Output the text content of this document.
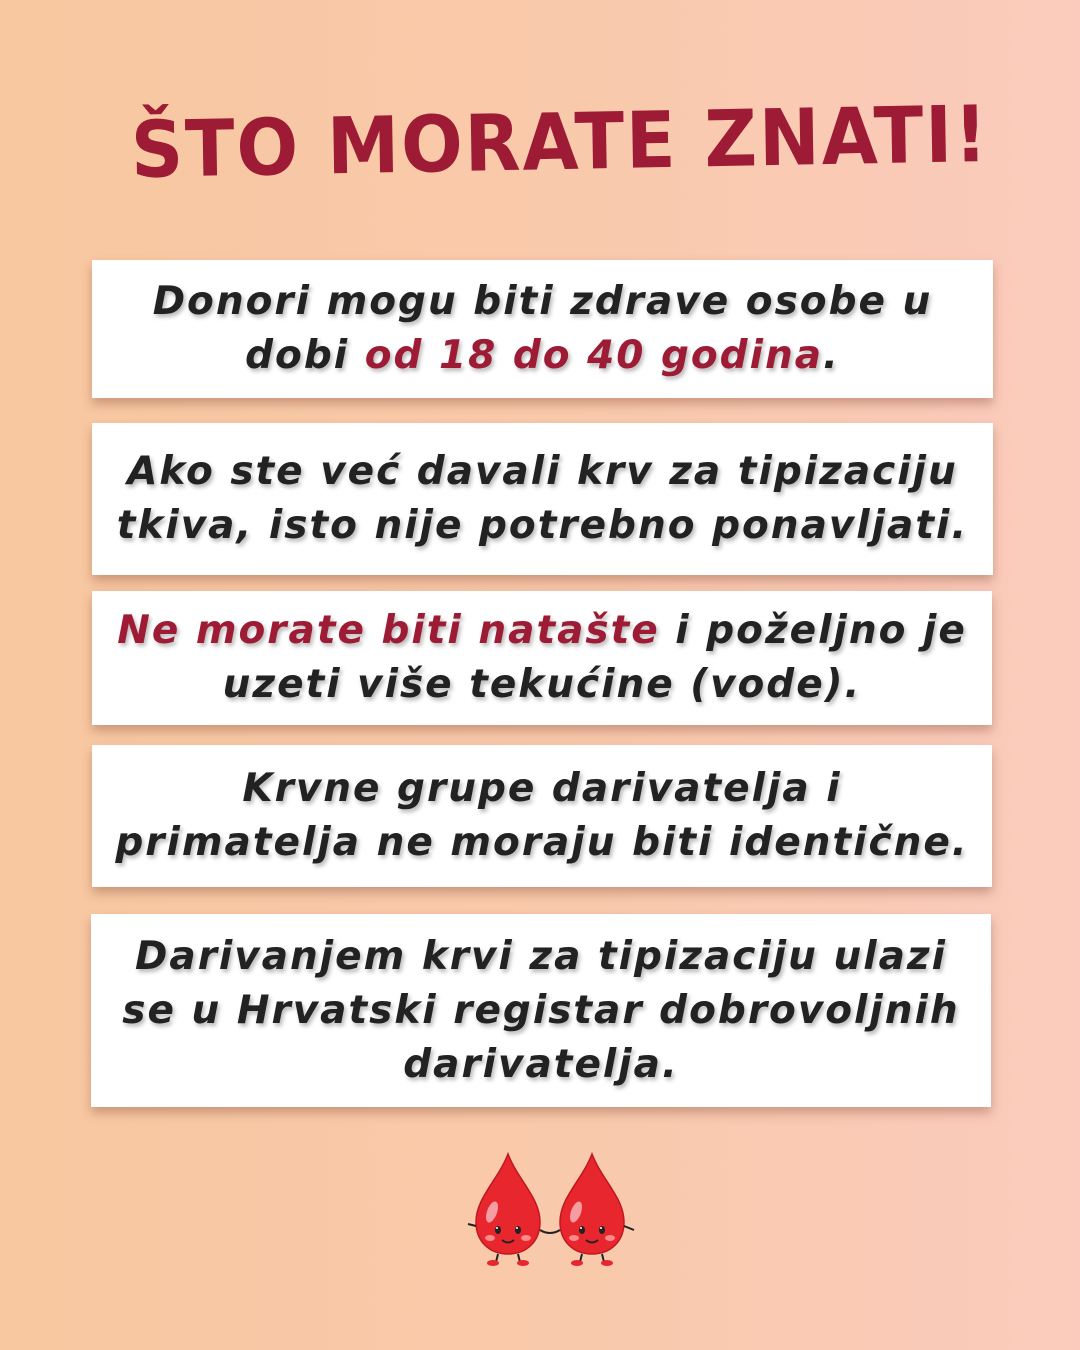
ŠTO MORATE ZNATI!

Donori mogu biti zdrave osobe u dobi od 18 do 40 godina.

Ako ste već davali krv za tipizaciju tkiva, isto nije potrebno ponavljati.

Ne morate biti natašte i poželjno je uzeti više tekućine (vode).

Krvne grupe darivatelja i primatelja ne moraju biti identične.

Darivanjem krvi za tipizaciju ulazi se u Hrvatski registar dobrovoljnih darivatelja.
